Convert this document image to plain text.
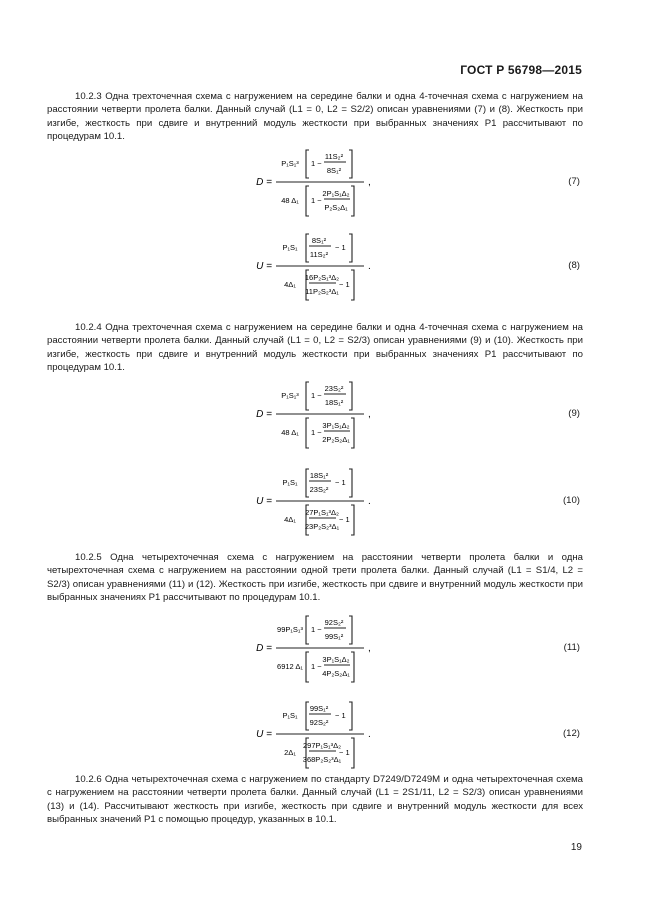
ГОСТ Р 56798—2015
10.2.3 Одна трехточечная схема с нагружением на середине балки и одна 4-точечная схема с нагружением на расстоянии четверти пролета балки. Данный случай (L1 = 0, L2 = S2/2) описан уравнениями (7) и (8). Жесткость при изгибе, жесткость при сдвиге и внутренний модуль жесткости при выбранных значениях P1 рассчитывают по процедурам 10.1.
D =
P₁S₁³ 1 −
11S₂²
8S₁²
48 Δ₁ 1 −
2P₁S₁Δ₂
P₂S₂Δ₁
,	(7)
U =
P₁S₁
8S₁²
11S₂²
− 1
4Δ₁
16P₂S₁³Δ₂
11P₂S₂³Δ₁
− 1
.	(8)
10.2.4 Одна трехточечная схема с нагружением на середине балки и одна 4-точечная схема с нагружением на расстоянии четверти пролета балки. Данный случай (L1 = 0, L2 = S2/3) описан уравнениями (9) и (10). Жесткость при изгибе, жесткость при сдвиге и внутренний модуль жесткости при выбранных значениях P1 рассчитывают по процедурам 10.1.
D =
P₁S₁³ 1 −
23S₂²
18S₁²
48 Δ₁ 1 −
3P₁S₁Δ₂
2P₂S₂Δ₁
,	(9)
U =
P₁S₁
18S₁²
23S₂²
− 1
4Δ₁
27P₁S₁³Δ₂
23P₂S₂³Δ₁
− 1
.	(10)
10.2.5 Одна четырехточечная схема с нагружением на расстоянии четверти пролета балки и одна четырехточечная схема с нагружением на расстоянии одной трети пролета балки. Данный случай (L1 = S1/4, L2 = S2/3) описан уравнениями (11) и (12). Жесткость при изгибе, жесткость при сдвиге и внутренний модуль жесткости при выбранных значениях P1 рассчитывают по процедурам 10.1.
D =
99P₁S₁³ 1 −
92S₂²
99S₁²
6912 Δ₁ 1 −
3P₁S₁Δ₂
4P₂S₂Δ₁
,	(11)
U =
P₁S₁
99S₁²
92S₂²
− 1
2Δ₁
297P₁S₁³Δ₂
368P₂S₂³Δ₁
− 1
.	(12)
10.2.6 Одна четырехточечная схема с нагружением по стандарту D7249/D7249M и одна четырехточечная схема с нагружением на расстоянии четверти пролета балки. Данный случай (L1 = 2S1/11, L2 = S2/3) описан уравнениями (13) и (14). Рассчитывают жесткость при изгибе, жесткость при сдвиге и внутренний модуль жесткости для всех выбранных значений P1 с помощью процедур, указанных в 10.1.
19
